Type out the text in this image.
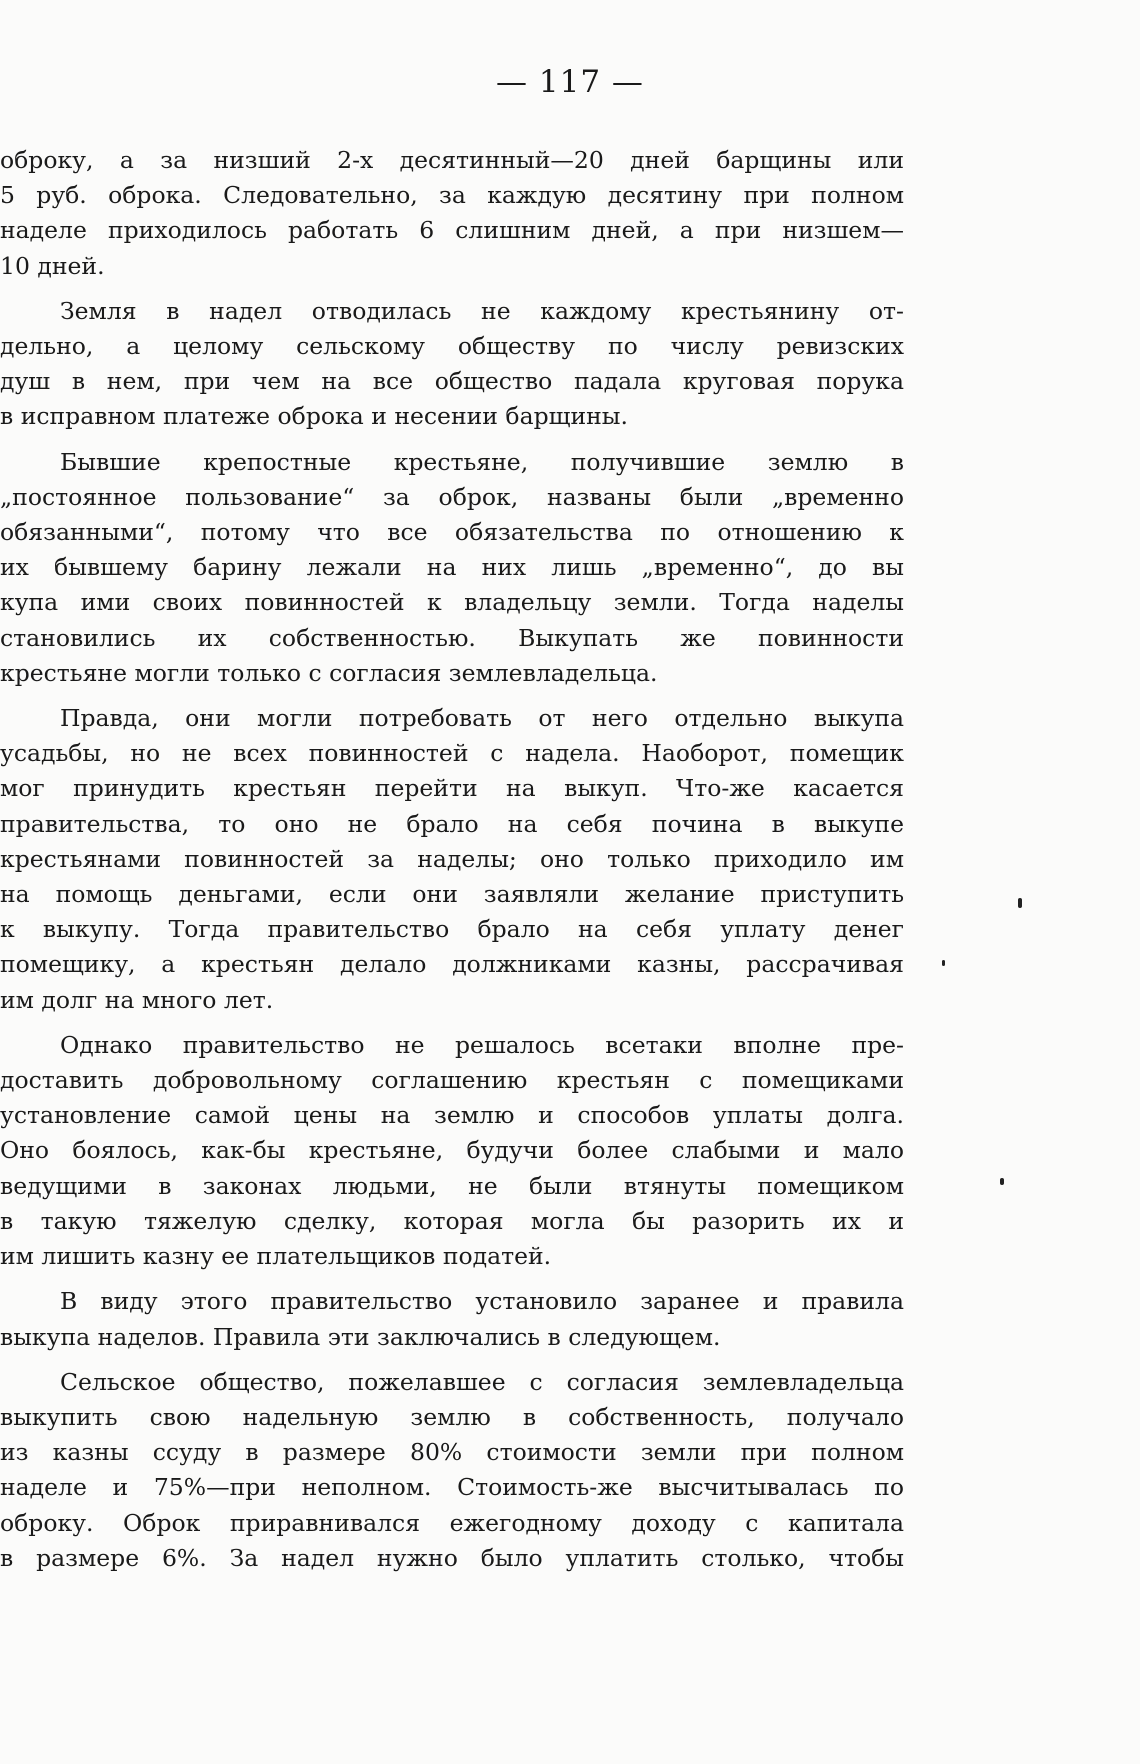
— 117 —
оброку, а за низший 2-х десятинный—20 дней барщины или
5 руб. оброка. Следовательно, за каждую десятину при полном
наделе приходилось работать 6 слишним дней, а при низшем—
10 дней.
Земля в надел отводилась не каждому крестьянину от-
дельно, а целому сельскому обществу по числу ревизских
душ в нем, при чем на все общество падала круговая порука
в исправном платеже оброка и несении барщины.
Бывшие крепостные крестьяне, получившие землю в
„постоянное пользование“ за оброк, названы были „временно
обязанными“, потому что все обязательства по отношению к
их бывшему барину лежали на них лишь „временно“, до вы
купа ими своих повинностей к владельцу земли. Тогда наделы
становились их собственностью. Выкупать же повинности
крестьяне могли только с согласия землевладельца.
Правда, они могли потребовать от него отдельно выкупа
усадьбы, но не всех повинностей с надела. Наоборот, помещик
мог принудить крестьян перейти на выкуп. Что-же касается
правительства, то оно не брало на себя почина в выкупе
крестьянами повинностей за наделы; оно только приходило им
на помощь деньгами, если они заявляли желание приступить
к выкупу. Тогда правительство брало на себя уплату денег
помещику, а крестьян делало должниками казны, рассрачивая
им долг на много лет.
Однако правительство не решалось всетаки вполне пре-
доставить добровольному соглашению крестьян с помещиками
установление самой цены на землю и способов уплаты долга.
Оно боялось, как-бы крестьяне, будучи более слабыми и мало
ведущими в законах людьми, не были втянуты помещиком
в такую тяжелую сделку, которая могла бы разорить их и
им лишить казну ее плательщиков податей.
В виду этого правительство установило заранее и правила
выкупа наделов. Правила эти заключались в следующем.
Сельское общество, пожелавшее с согласия землевладельца
выкупить свою надельную землю в собственность, получало
из казны ссуду в размере 80% стоимости земли при полном
наделе и 75%—при неполном. Стоимость-же высчитывалась по
оброку. Оброк приравнивался ежегодному доходу с капитала
в размере 6%. За надел нужно было уплатить столько, чтобы
